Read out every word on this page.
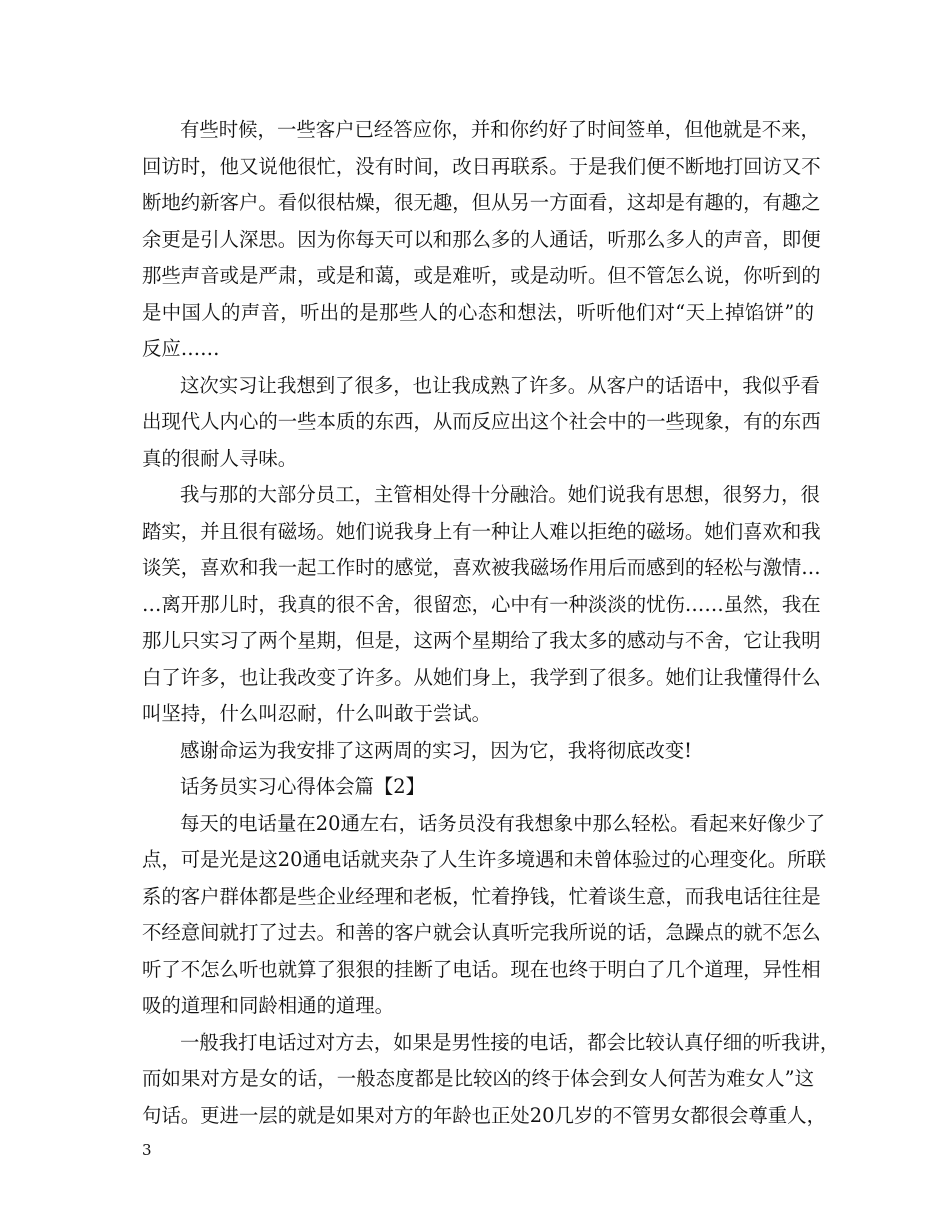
有些时候，一些客户已经答应你，并和你约好了时间签单，但他就是不来，
回访时，他又说他很忙，没有时间，改日再联系。于是我们便不断地打回访又不
断地约新客户。看似很枯燥，很无趣，但从另一方面看，这却是有趣的，有趣之
余更是引人深思。因为你每天可以和那么多的人通话，听那么多人的声音，即便
那些声音或是严肃，或是和蔼，或是难听，或是动听。但不管怎么说，你听到的
是中国人的声音，听出的是那些人的心态和想法，听听他们对“天上掉馅饼”的
反应……
这次实习让我想到了很多，也让我成熟了许多。从客户的话语中，我似乎看
出现代人内心的一些本质的东西，从而反应出这个社会中的一些现象，有的东西
真的很耐人寻味。
我与那的大部分员工，主管相处得十分融洽。她们说我有思想，很努力，很
踏实，并且很有磁场。她们说我身上有一种让人难以拒绝的磁场。她们喜欢和我
谈笑，喜欢和我一起工作时的感觉，喜欢被我磁场作用后而感到的轻松与激情…
…离开那儿时，我真的很不舍，很留恋，心中有一种淡淡的忧伤……虽然，我在
那儿只实习了两个星期，但是，这两个星期给了我太多的感动与不舍，它让我明
白了许多，也让我改变了许多。从她们身上，我学到了很多。她们让我懂得什么
叫坚持，什么叫忍耐，什么叫敢于尝试。
感谢命运为我安排了这两周的实习，因为它，我将彻底改变!
话务员实习心得体会篇【2】
每天的电话量在20通左右，话务员没有我想象中那么轻松。看起来好像少了
点，可是光是这20通电话就夹杂了人生许多境遇和未曾体验过的心理变化。所联
系的客户群体都是些企业经理和老板，忙着挣钱，忙着谈生意，而我电话往往是
不经意间就打了过去。和善的客户就会认真听完我所说的话，急躁点的就不怎么
听了不怎么听也就算了狠狠的挂断了电话。现在也终于明白了几个道理，异性相
吸的道理和同龄相通的道理。
一般我打电话过对方去，如果是男性接的电话，都会比较认真仔细的听我讲，
而如果对方是女的话，一般态度都是比较凶的终于体会到女人何苦为难女人”这
句话。更进一层的就是如果对方的年龄也正处20几岁的不管男女都很会尊重人，
3
